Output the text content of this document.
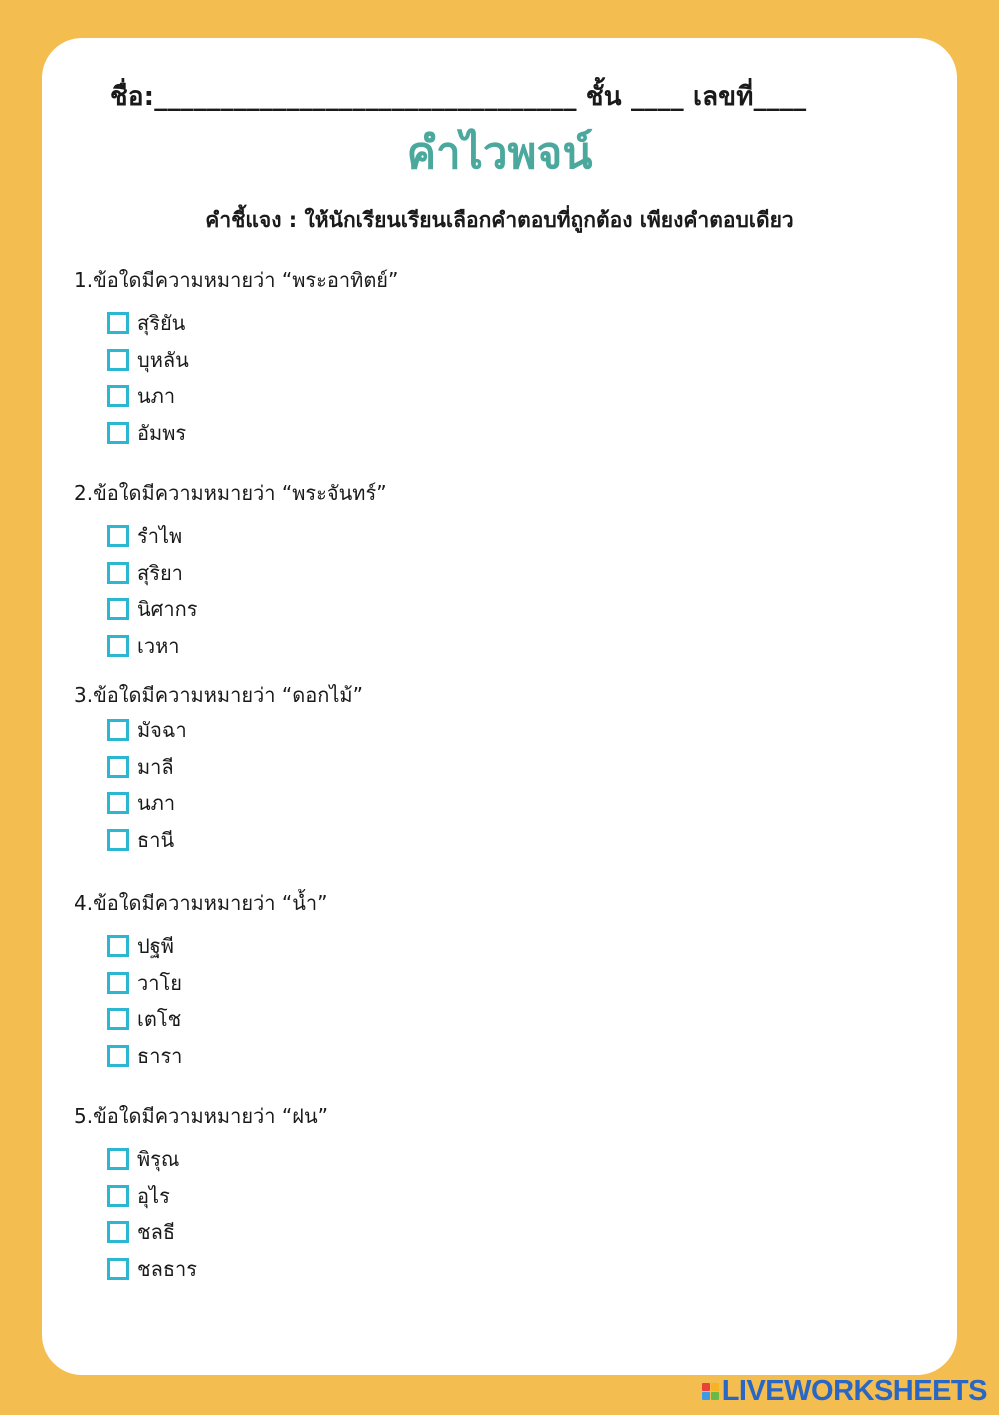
ชื่อ:________________________________ ชั้น ____ เลขที่____
คำไวพจน์
คำชี้แจง : ให้นักเรียนเรียนเลือกคำตอบที่ถูกต้อง เพียงคำตอบเดียว
1.ข้อใดมีความหมายว่า “พระอาทิตย์”
สุริยัน
บุหลัน
นภา
อัมพร
2.ข้อใดมีความหมายว่า “พระจันทร์”
รำไพ
สุริยา
นิศากร
เวหา
3.ข้อใดมีความหมายว่า “ดอกไม้”
มัจฉา
มาลี
นภา
ธานี
4.ข้อใดมีความหมายว่า “น้ำ”
ปฐพี
วาโย
เตโช
ธารา
5.ข้อใดมีความหมายว่า “ฝน”
พิรุณ
อุไร
ชลธี
ชลธาร
LIVEWORKSHEETS
